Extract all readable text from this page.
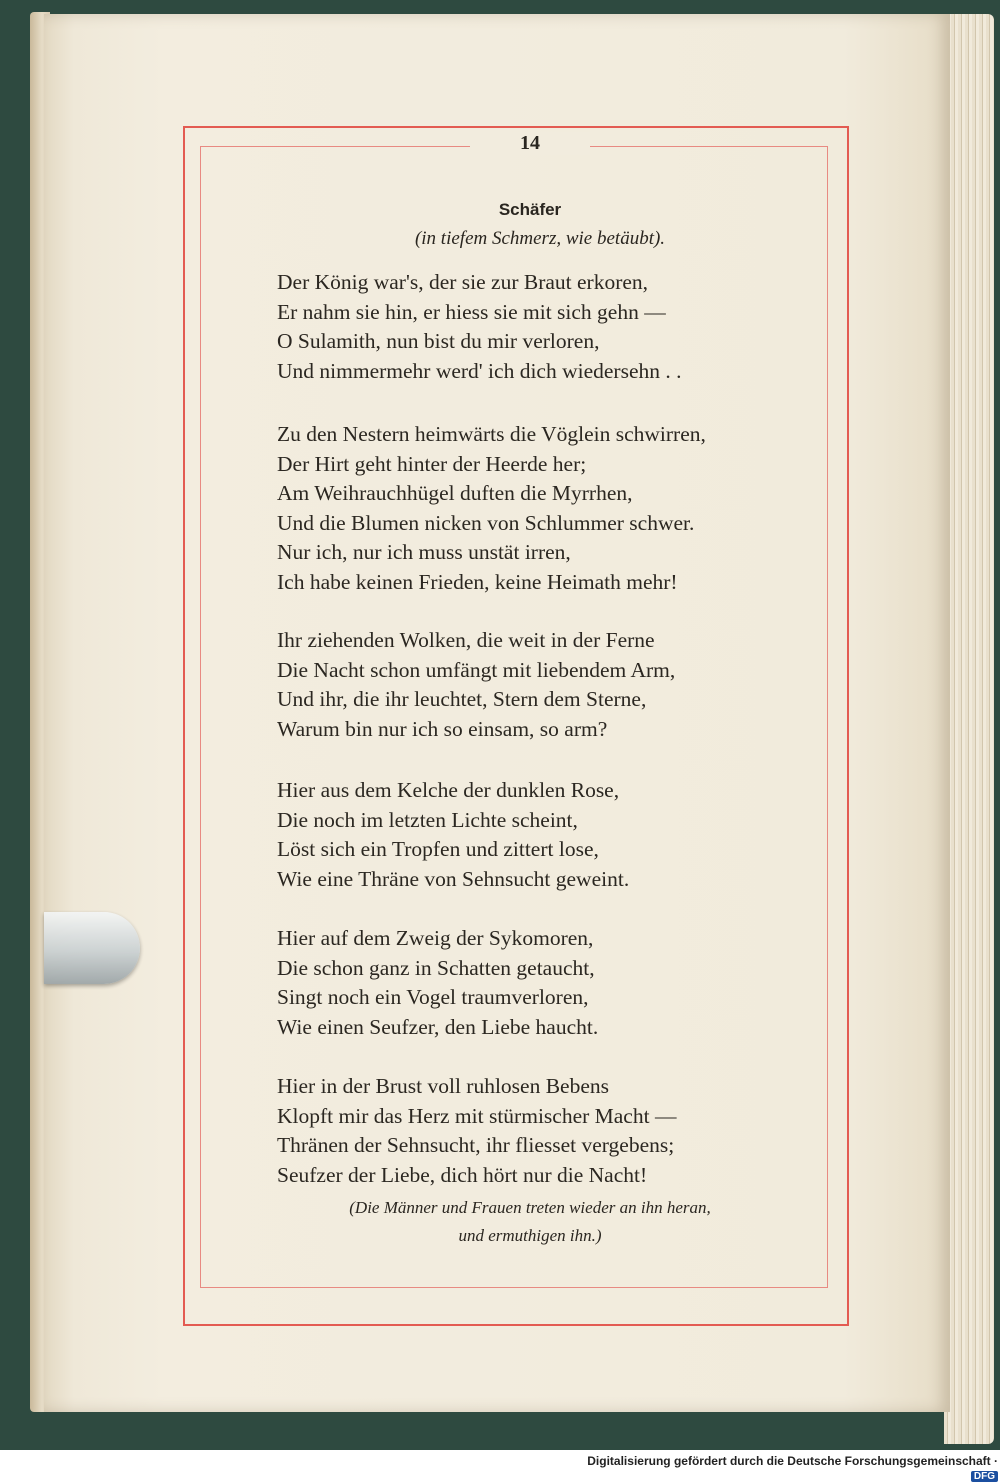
14
Schäfer
(in tiefem Schmerz, wie betäubt).
Der König war's, der sie zur Braut erkoren,
Er nahm sie hin, er hiess sie mit sich gehn —
O Sulamith, nun bist du mir verloren,
Und nimmermehr werd' ich dich wiedersehn . .
Zu den Nestern heimwärts die Vöglein schwirren,
Der Hirt geht hinter der Heerde her;
Am Weihrauchhügel duften die Myrrhen,
Und die Blumen nicken von Schlummer schwer.
Nur ich, nur ich muss unstät irren,
Ich habe keinen Frieden, keine Heimath mehr!
Ihr ziehenden Wolken, die weit in der Ferne
Die Nacht schon umfängt mit liebendem Arm,
Und ihr, die ihr leuchtet, Stern dem Sterne,
Warum bin nur ich so einsam, so arm?
Hier aus dem Kelche der dunklen Rose,
Die noch im letzten Lichte scheint,
Löst sich ein Tropfen und zittert lose,
Wie eine Thräne von Sehnsucht geweint.
Hier auf dem Zweig der Sykomoren,
Die schon ganz in Schatten getaucht,
Singt noch ein Vogel traumverloren,
Wie einen Seufzer, den Liebe haucht.
Hier in der Brust voll ruhlosen Bebens
Klopft mir das Herz mit stürmischer Macht —
Thränen der Sehnsucht, ihr fliesset vergebens;
Seufzer der Liebe, dich hört nur die Nacht!
(Die Männer und Frauen treten wieder an ihn heran,
und ermuthigen ihn.)
Digitalisierung gefördert durch die Deutsche Forschungsgemeinschaft ·DFG
